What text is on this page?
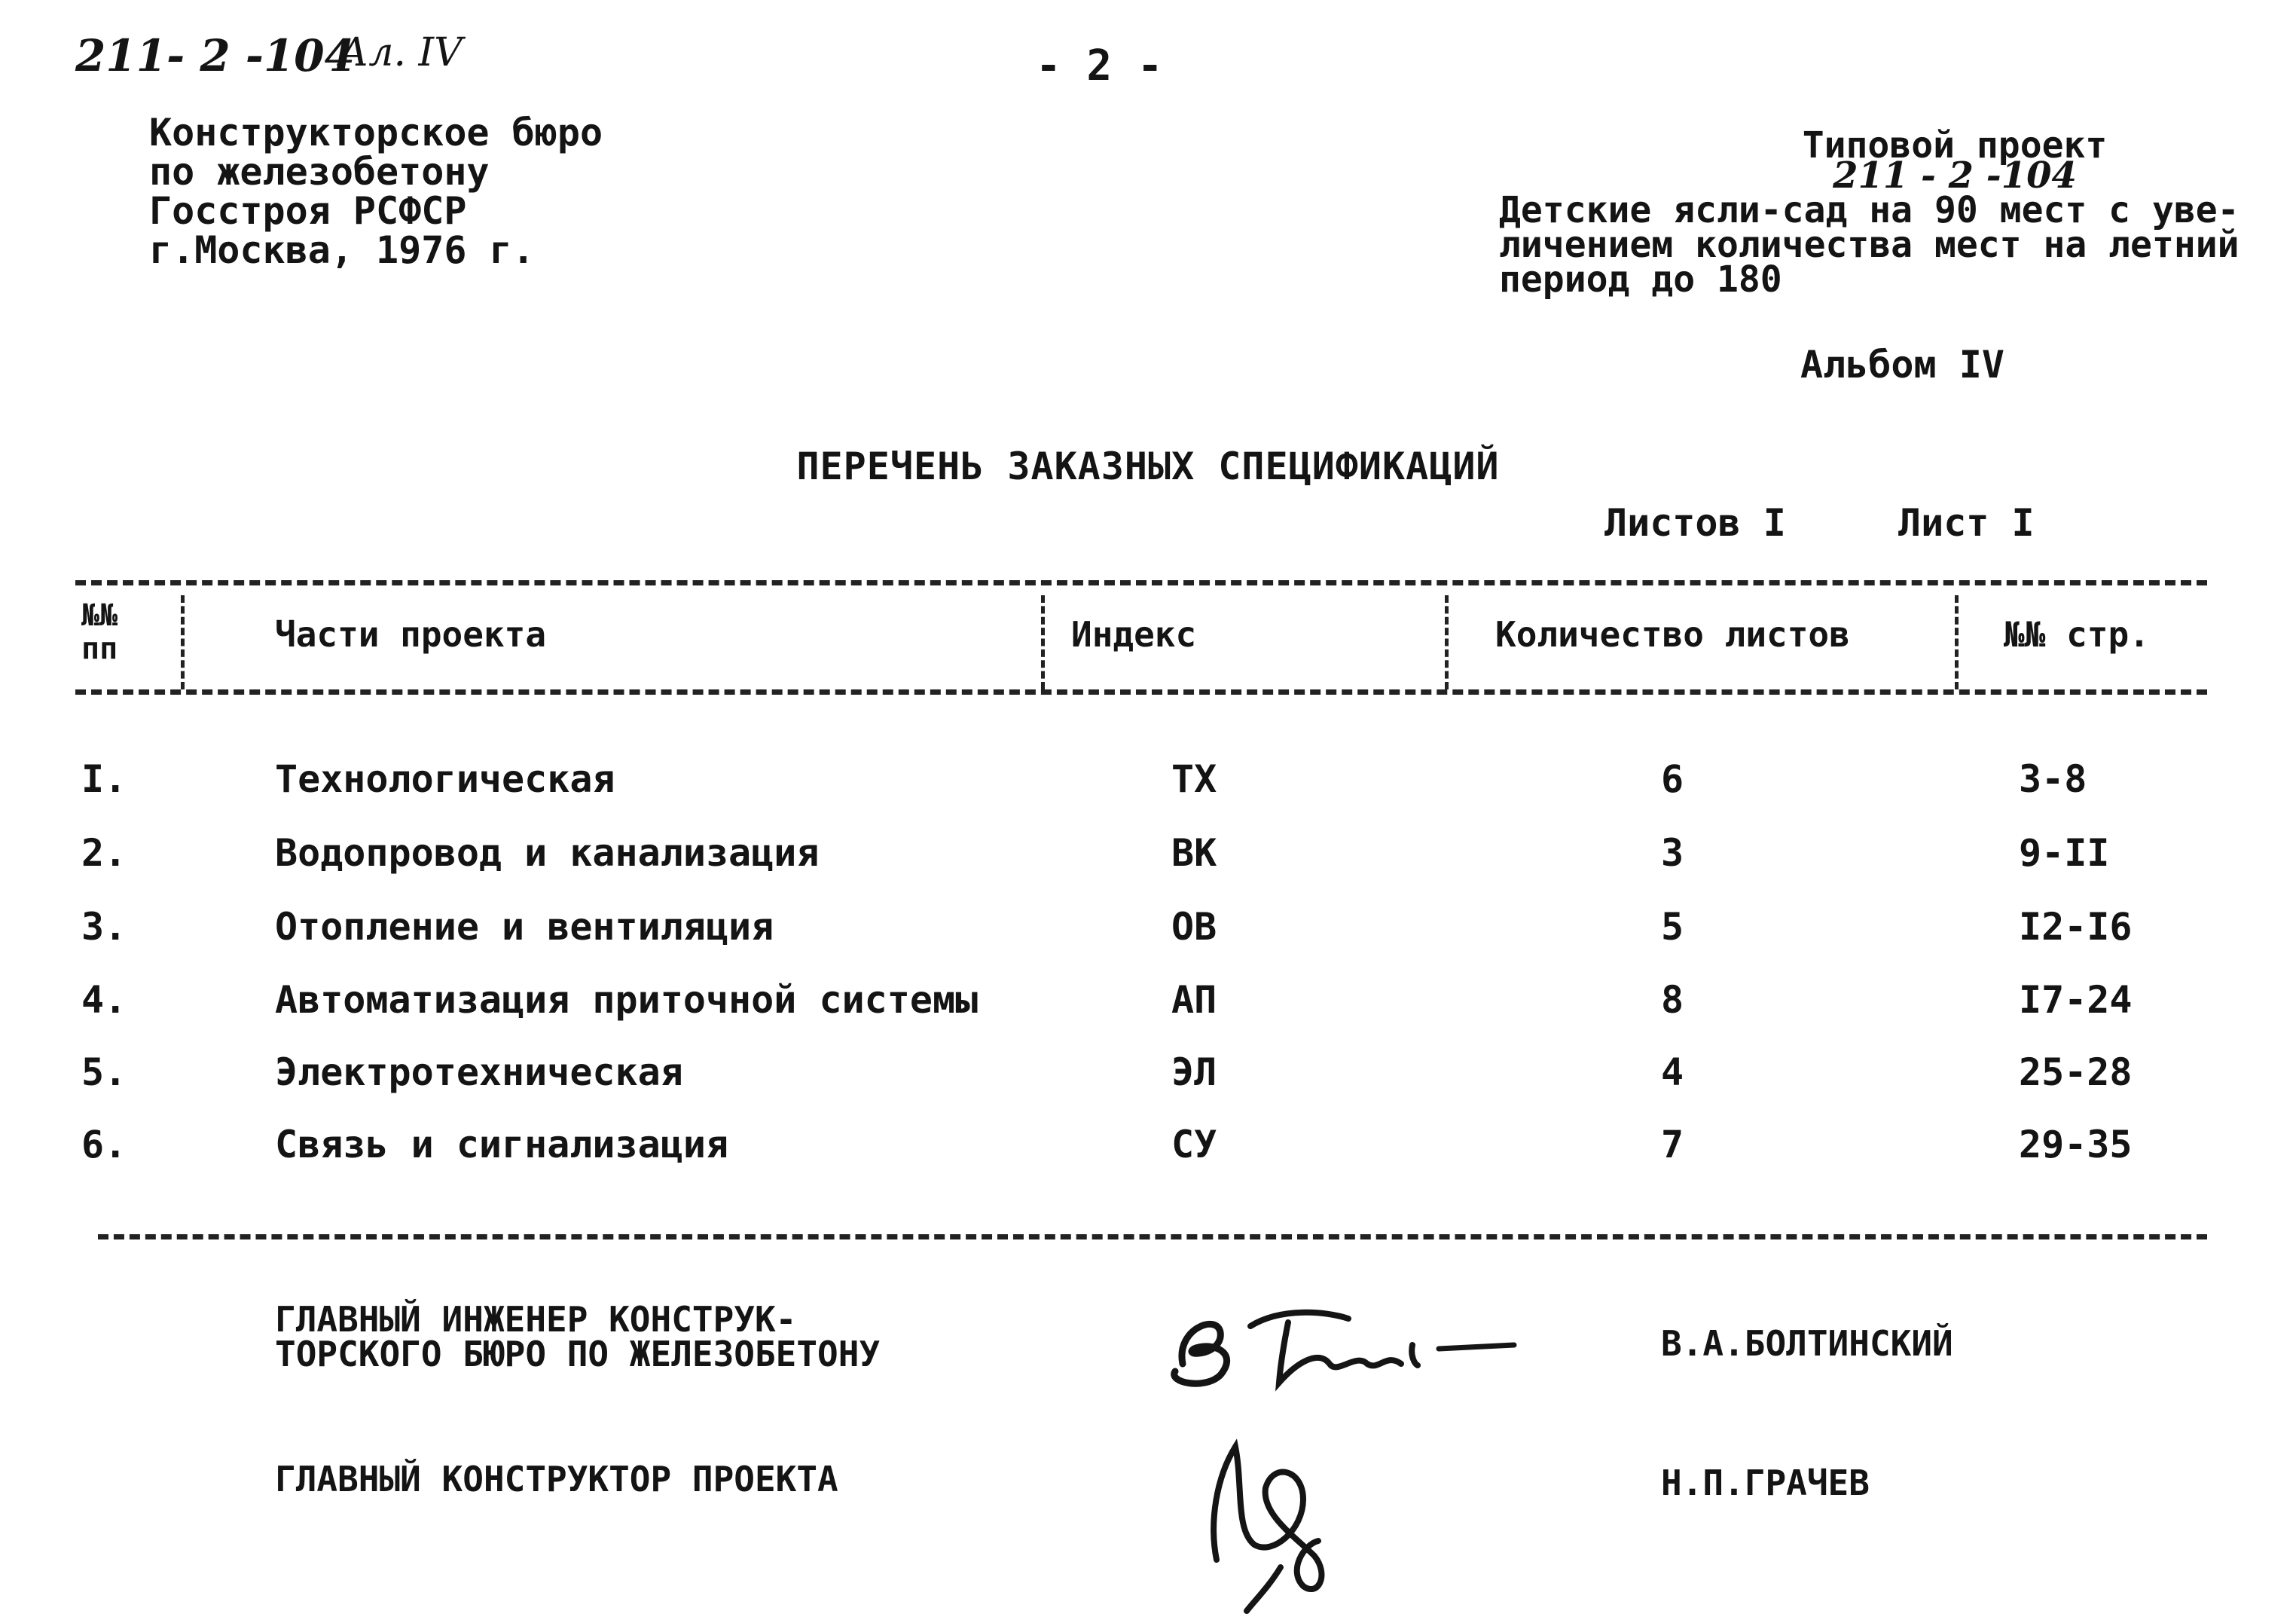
211- 2 -104
Ал. IV	- 2 -
Конструкторское бюро
по железобетону
Госстроя РСФСР
г.Москва, 1976 г.
Типовой проект
211 - 2 -104
Детские ясли-сад на 90 мест с уве-
личением количества мест на летний
период до 180
Альбом IV
ПЕРЕЧЕНЬ ЗАКАЗНЫХ СПЕЦИФИКАЦИЙ
Листов I	Лист I
№№
пп	Части проекта	Индекс	Количество листов	№№ стр.
I.	Технологическая	ТХ	6	3-8
2.	Водопровод и канализация	ВК	3	9-II
3.	Отопление и вентиляция	ОВ	5	I2-I6
4.	Автоматизация приточной системы	АП	8	I7-24
5.	Электротехническая	ЭЛ	4	25-28
6.	Связь и сигнализация	СУ	7	29-35
ГЛАВНЫЙ ИНЖЕНЕР КОНСТРУК-
ТОРСКОГО БЮРО ПО ЖЕЛЕЗОБЕТОНУ	В.А.БОЛТИНСКИЙ
ГЛАВНЫЙ КОНСТРУКТОР ПРОЕКТА	Н.П.ГРАЧЕВ
